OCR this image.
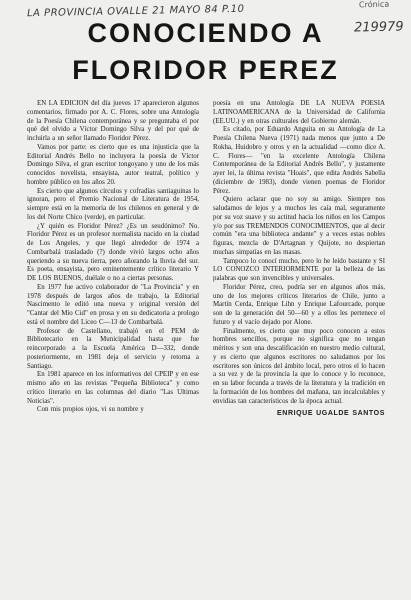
Crónica
LA PROVINCIA OVALLE 21 MAYO 84 P.10
219979
CONOCIENDO A
FLORIDOR PEREZ

EN LA EDICION del día jueves 17 aparecieron algunos comentarios, firmado por A. C. Flores, sobre una Antología de la Poesía Chilena contemporánea y se preguntaba el por qué del olvido a Víctor Domingo Silva y del por qué de incluirla a un señor llamado Floridor Pérez.

Vamos por parte: es cierto que es una injusticia que la Editorial Andrés Bello no incluyera la poesía de Víctor Domingo Silva, el gran escritor tongoyano y uno de los más conocidos novelista, ensayista, autor teatral, político y hombre público en los años 20.

Es cierto que algunos círculos y cofradías santiaguinas lo ignoran, pero el Premio Nacional de Literatura de 1954, siempre está en la memoria de los chilenos en general y de los del Norte Chico (verde), en particular.

¿Y quién es Floridor Pérez? ¿Es un seudónimo? No. Floridor Pérez es un profesor normalista nacido en la ciudad de Los Angeles, y que llegó alrededor de 1974 a Combarbalá trasladado (?) donde vivió largos ocho años queriendo a su nueva tierra, pero añorando la lluvia del sur. Es poeta, ensayista, pero eminentemente crítico literario Y DE LOS BUENOS, duélale o no a ciertas personas.

En 1977 fue activo colaborador de "La Provincia" y en 1978 después de largos años de trabajo, la Editorial Nascimento le editó una nueva y original versión del "Cantar del Mío Cid" en prosa y en su dedicatoria a prologo está el nombre del Liceo C—13 de Combarbalá.

Profesor de Castellano, trabajó en el PEM de Bibliotecario en la Municipalidad hasta que fue reincorporado a la Escuela América D—332, donde posteriormente, en 1981 deja el servicio y retorna a Santiago.

En 1981 aparece en los informativos del CPEIP y en ese mismo año en las revistas "Pequeña Biblioteca" y como crítico literario en las columnas del diario "Las Ultimas Noticias".

Con mis propios ojos, vi su nombre y

poesía en una Antología DE LA NUEVA POESIA LATINOAMERICANA de la Universidad de California (EE.UU.) y en otras culturales del Gobierno alemán.

Es citado, por Eduardo Anguita en su Antología de La Poesía Chilena Nueva (1971) nada menos que junto a De Rokha, Huidobro y otros y en la actualidad —como dice A. C. Flores— "en la excelente Antología Chilena Contemporánea de la Editorial Andrés Bello", y justamente ayer lei, la última revista "Hoais", que edita Andrés Sabella (diciembre de 1983), donde vienen poemas de Floridor Pérez.

Quiero aclarar que no soy su amigo. Siempre nos saludamos de lejos y a muchos les caía mal, seguramente por su voz suave y su actitud hacia los niños en los Campos y/o por sus TREMENDOS CONOCIMIENTOS, que al decir común "era una biblioteca andante" y a veces estas nobles figuras, mezcla de D'Artagnan y Quijote, no despiertan muchas simpatías en las masas.

Tampoco lo conocí mucho, pero lo he leído bastante y SI LO CONOZCO INTERIORMENTE por la belleza de las palabras que son invencibles y universales.

Floridor Pérez, creo, podría ser en algunos años más, uno de los mejores críticos literarios de Chile, junto a Martín Cerda, Enrique Lihn y Enrique Lafourcade, porque son de la generación del 50—60 y a ellos les pertenece el futuro y el vacío dejado por Alone.

Finalmente, es cierto que muy poco conocen a estos hombres sencillos, porque no significa que no tengan méritos y son una descalificación en nuestro medio cultural, y es cierto que algunos escritores no saludamos por los escritores son únicos del ámbito local, pero otros el lo hacen a su vez y de la provincia la que lo conoce y lo reconoce, en su labor fecunda a través de la literatura y la tradición en la formación de los hombres del mañana, tan incalculables y envidias tan característicos de la época actual.

ENRIQUE UGALDE SANTOS
